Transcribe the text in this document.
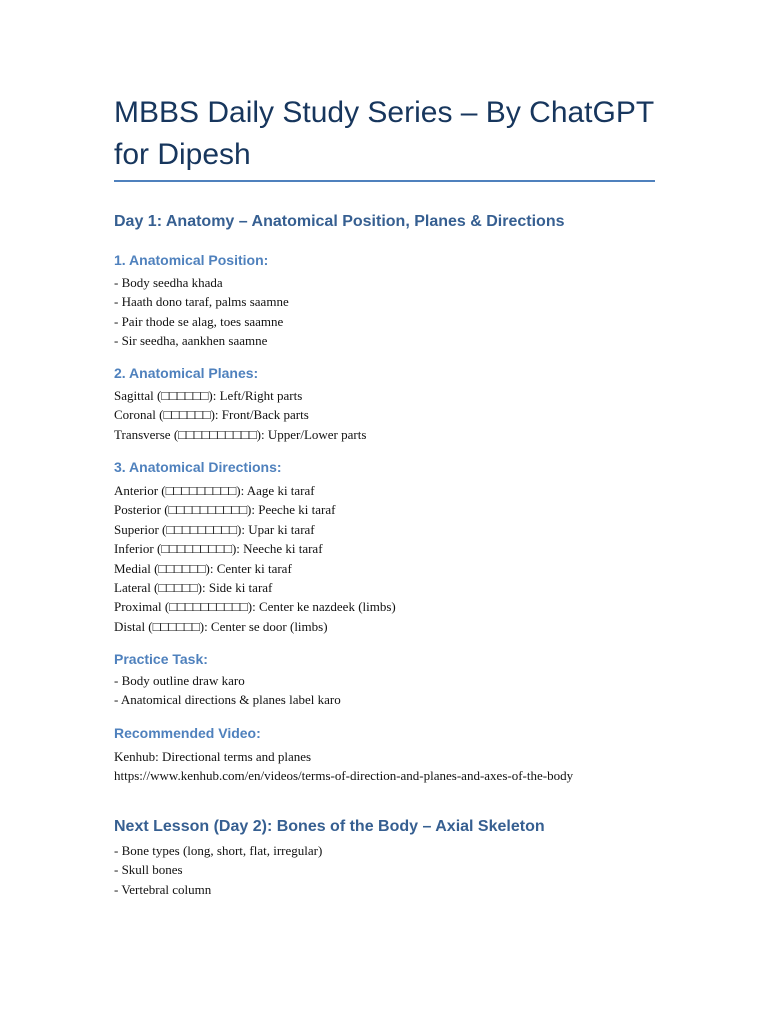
MBBS Daily Study Series – By ChatGPT for Dipesh
Day 1: Anatomy – Anatomical Position, Planes & Directions
1. Anatomical Position:
- Body seedha khada
- Haath dono taraf, palms saamne
- Pair thode se alag, toes saamne
- Sir seedha, aankhen saamne
2. Anatomical Planes:
Sagittal (□□□□□□): Left/Right parts
Coronal (□□□□□□): Front/Back parts
Transverse (□□□□□□□□□□): Upper/Lower parts
3. Anatomical Directions:
Anterior (□□□□□□□□□): Aage ki taraf
Posterior (□□□□□□□□□□): Peeche ki taraf
Superior (□□□□□□□□□): Upar ki taraf
Inferior (□□□□□□□□□): Neeche ki taraf
Medial (□□□□□□): Center ki taraf
Lateral (□□□□□): Side ki taraf
Proximal (□□□□□□□□□□): Center ke nazdeek (limbs)
Distal (□□□□□□): Center se door (limbs)
Practice Task:
- Body outline draw karo
- Anatomical directions & planes label karo
Recommended Video:
Kenhub: Directional terms and planes
https://www.kenhub.com/en/videos/terms-of-direction-and-planes-and-axes-of-the-body
Next Lesson (Day 2): Bones of the Body – Axial Skeleton
- Bone types (long, short, flat, irregular)
- Skull bones
- Vertebral column
